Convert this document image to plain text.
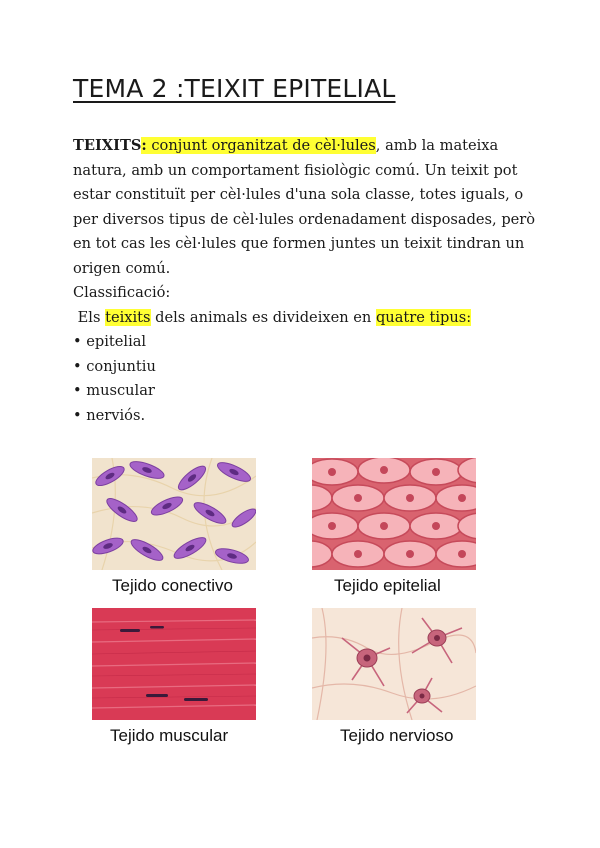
TEMA 2 :TEIXIT EPITELIAL

TEIXITS: conjunt organitzat de cèl·lules, amb la mateixa natura, amb un comportament fisiològic comú. Un teixit pot estar constituït per cèl·lules d'una sola classe, totes iguals, o per diversos tipus de cèl·lules ordenadament disposades, però en tot cas les cèl·lules que formen juntes un teixit tindran un origen comú.

Classificació:

Els teixits dels animals es divideixen en quatre tipus:

• epitelial
• conjuntiu
• muscular
• nerviós.
Tejido conectivo	Tejido epitelial
Tejido muscular	Tejido nervioso
